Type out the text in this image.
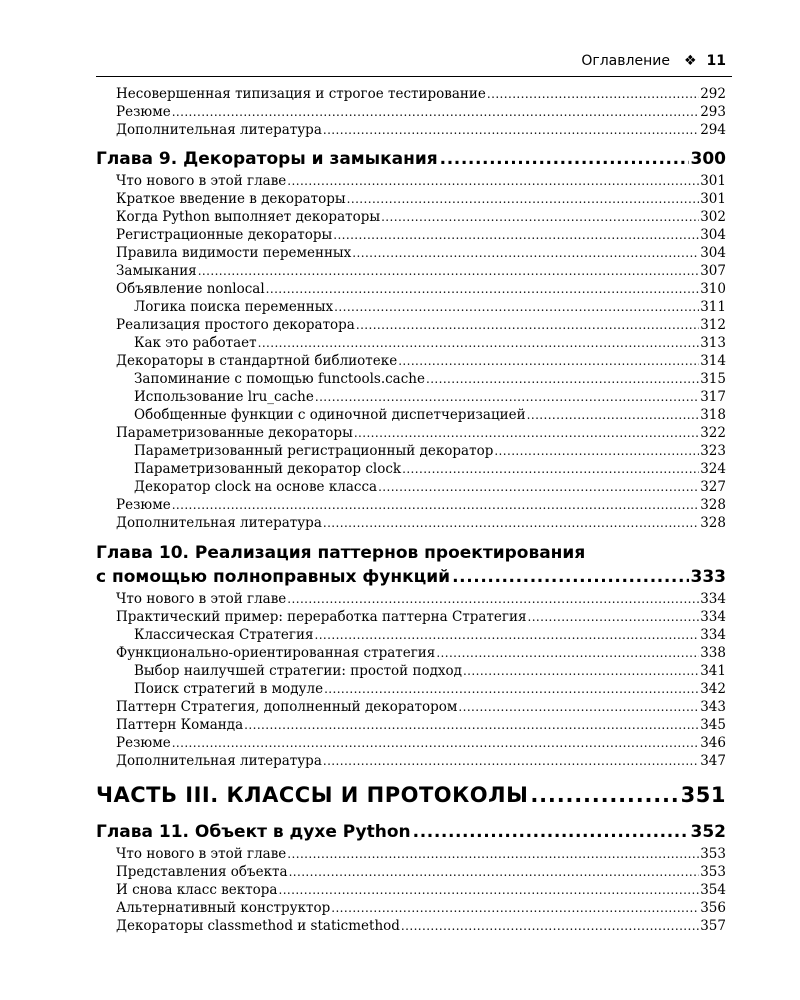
Оглавление ❖ 11
Несовершенная типизация и строгое тестирование .....	292
Резюме .....	293
Дополнительная литература .....	294
Глава 9. Декораторы и замыкания .....	300
Что нового в этой главе .....	301
Краткое введение в декораторы .....	301
Когда Python выполняет декораторы .....	302
Регистрационные декораторы .....	304
Правила видимости переменных .....	304
Замыкания .....	307
Объявление nonlocal .....	310
Логика поиска переменных .....	311
Реализация простого декоратора .....	312
Как это работает .....	313
Декораторы в стандартной библиотеке .....	314
Запоминание с помощью functools.cache .....	315
Использование lru_cache .....	317
Обобщенные функции с одиночной диспетчеризацией .....	318
Параметризованные декораторы .....	322
Параметризованный регистрационный декоратор .....	323
Параметризованный декоратор clock .....	324
Декоратор clock на основе класса .....	327
Резюме .....	328
Дополнительная литература .....	328
Глава 10. Реализация паттернов проектирования
с помощью полноправных функций .....	333
Что нового в этой главе .....	334
Практический пример: переработка паттерна Стратегия .....	334
Классическая Стратегия .....	334
Функционально-ориентированная стратегия .....	338
Выбор наилучшей стратегии: простой подход .....	341
Поиск стратегий в модуле .....	342
Паттерн Стратегия, дополненный декоратором .....	343
Паттерн Команда .....	345
Резюме .....	346
Дополнительная литература .....	347
ЧАСТЬ III. КЛАССЫ И ПРОТОКОЛЫ .....	351
Глава 11. Объект в духе Python .....	352
Что нового в этой главе .....	353
Представления объекта .....	353
И снова класс вектора .....	354
Альтернативный конструктор .....	356
Декораторы classmethod и staticmethod .....	357
